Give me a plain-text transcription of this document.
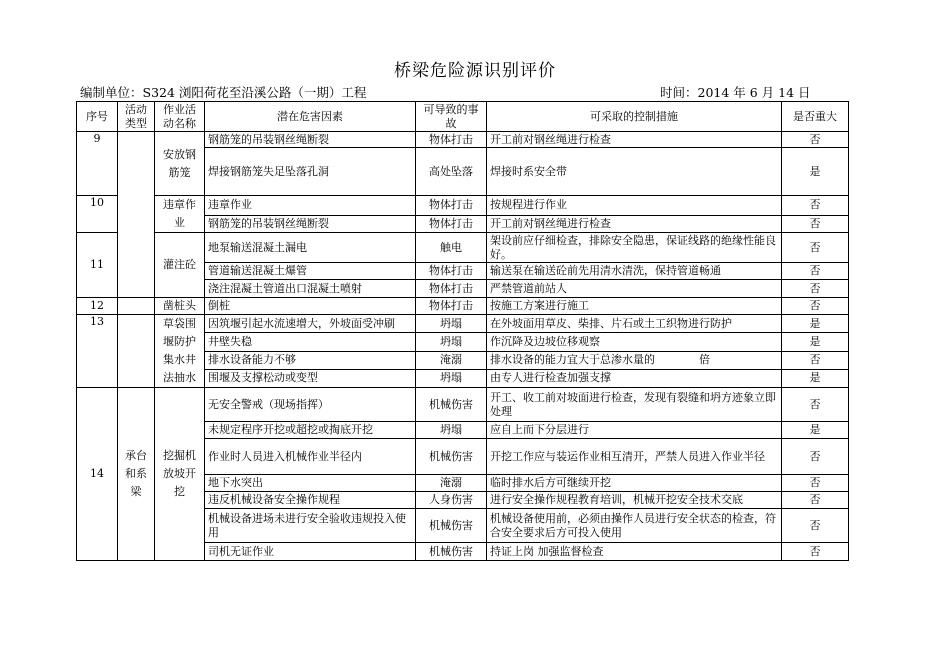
桥梁危险源识别评价
编制单位：S324 浏阳荷花至沿溪公路（一期）工程	时间：2014 年 6 月 14 日
序号	活动类型	作业活动名称	潜在危害因素	可导致的事故	可采取的控制措施	是否重大
9		安放钢筋笼	钢筋笼的吊装钢丝绳断裂	物体打击	开工前对钢丝绳进行检查	否
			焊接钢筋笼失足坠落孔洞	高处坠落	焊接时系安全带	是
10		违章作业	违章作业	物体打击	按规程进行作业	否
			钢筋笼的吊装钢丝绳断裂	物体打击	开工前对钢丝绳进行检查	否
11		灌注砼	地泵输送混凝土漏电	触电	架设前应仔细检查，排除安全隐患，保证线路的绝缘性能良好。	否
			管道输送混凝土爆管	物体打击	输送泵在输送砼前先用清水清洗，保持管道畅通	否
			浇注混凝土管道出口混凝土喷射	物体打击	严禁管道前站人	否
12		凿桩头	倒桩	物体打击	按施工方案进行施工	否
13		草袋围堰防护集水井法抽水	因筑堰引起水流速增大，外坡面受冲刷	坍塌	在外坡面用草皮、柴排、片石或土工织物进行防护	是
			井壁失稳	坍塌	作沉降及边坡位移观察	是
			排水设备能力不够	淹溺	排水设备的能力宜大于总渗水量的　　　　倍	否
			围堰及支撑松动或变型	坍塌	由专人进行检查加强支撑	是
14	承台和系梁	挖掘机放坡开挖	无安全警戒（现场指挥）	机械伤害	开工、收工前对坡面进行检查，发现有裂缝和坍方迹象立即处理	否
			未规定程序开挖或超挖或掏底开挖	坍塌	应自上而下分层进行	是
			作业时人员进入机械作业半径内	机械伤害	开挖工作应与装运作业相互清开，严禁人员进入作业半径	否
			地下水突出	淹溺	临时排水后方可继续开挖	否
			违反机械设备安全操作规程	人身伤害	进行安全操作规程教育培训，机械开挖安全技术交底	否
			机械设备进场未进行安全验收违规投入使用	机械伤害	机械设备使用前，必须由操作人员进行安全状态的检查，符合安全要求后方可投入使用	否
			司机无证作业	机械伤害	持证上岗 加强监督检查	否
